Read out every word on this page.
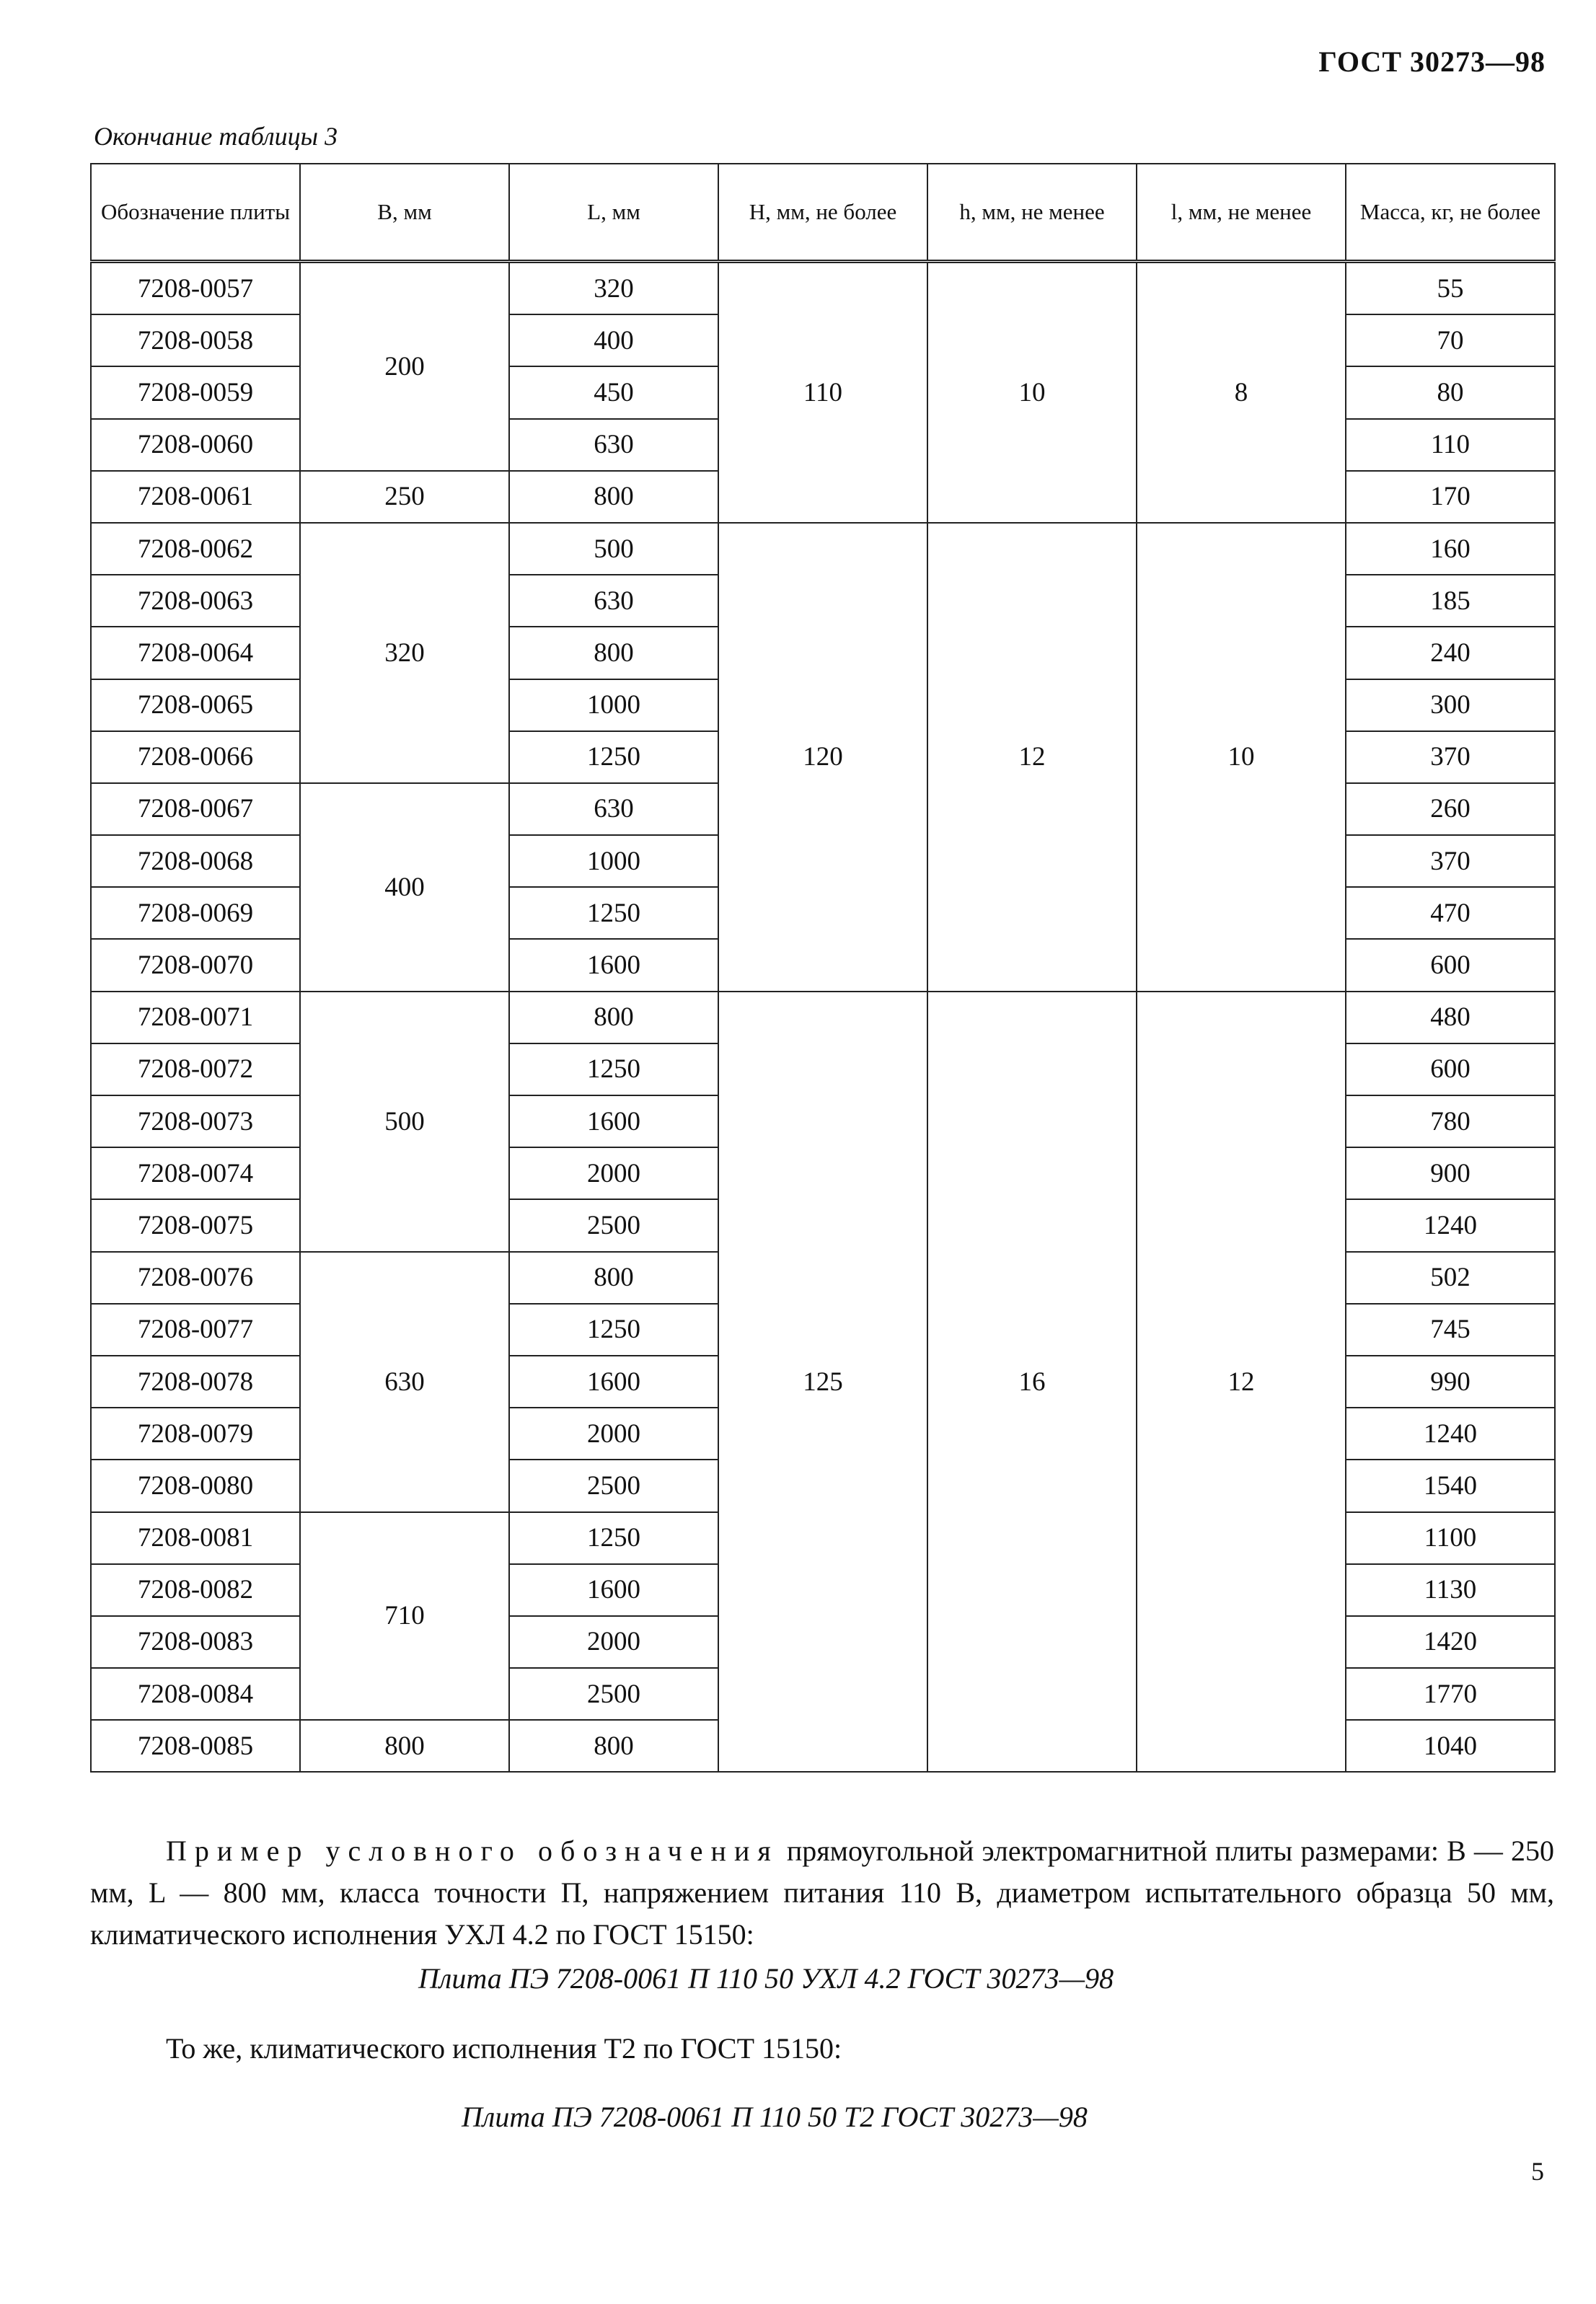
ГОСТ 30273—98
Окончание таблицы 3
Обозначение плиты	B, мм	L, мм	H, мм, не более	h, мм, не менее	l, мм, не менее	Масса, кг, не более
7208-0057	200	320	110	10	8	55
7208-0058		400				70
7208-0059		450				80
7208-0060		630				110
7208-0061	250	800				170
7208-0062	320	500	120	12	10	160
7208-0063		630				185
7208-0064		800				240
7208-0065		1000				300
7208-0066		1250				370
7208-0067	400	630				260
7208-0068		1000				370
7208-0069		1250				470
7208-0070		1600				600
7208-0071	500	800	125	16	12	480
7208-0072		1250				600
7208-0073		1600				780
7208-0074		2000				900
7208-0075		2500				1240
7208-0076	630	800				502
7208-0077		1250				745
7208-0078		1600				990
7208-0079		2000				1240
7208-0080		2500				1540
7208-0081	710	1250				1100
7208-0082		1600				1130
7208-0083		2000				1420
7208-0084		2500				1770
7208-0085	800	800				1040
Пример условного обозначения прямоугольной электромагнитной плиты размерами: B — 250 мм, L — 800 мм, класса точности П, напряжением питания 110 В, диаметром испытательного образца 50 мм, климатического исполнения УХЛ 4.2 по ГОСТ 15150:
Плита ПЭ 7208-0061 П 110 50 УХЛ 4.2 ГОСТ 30273—98
То же, климатического исполнения Т2 по ГОСТ 15150:
Плита ПЭ 7208-0061 П 110 50 Т2 ГОСТ 30273—98
5
